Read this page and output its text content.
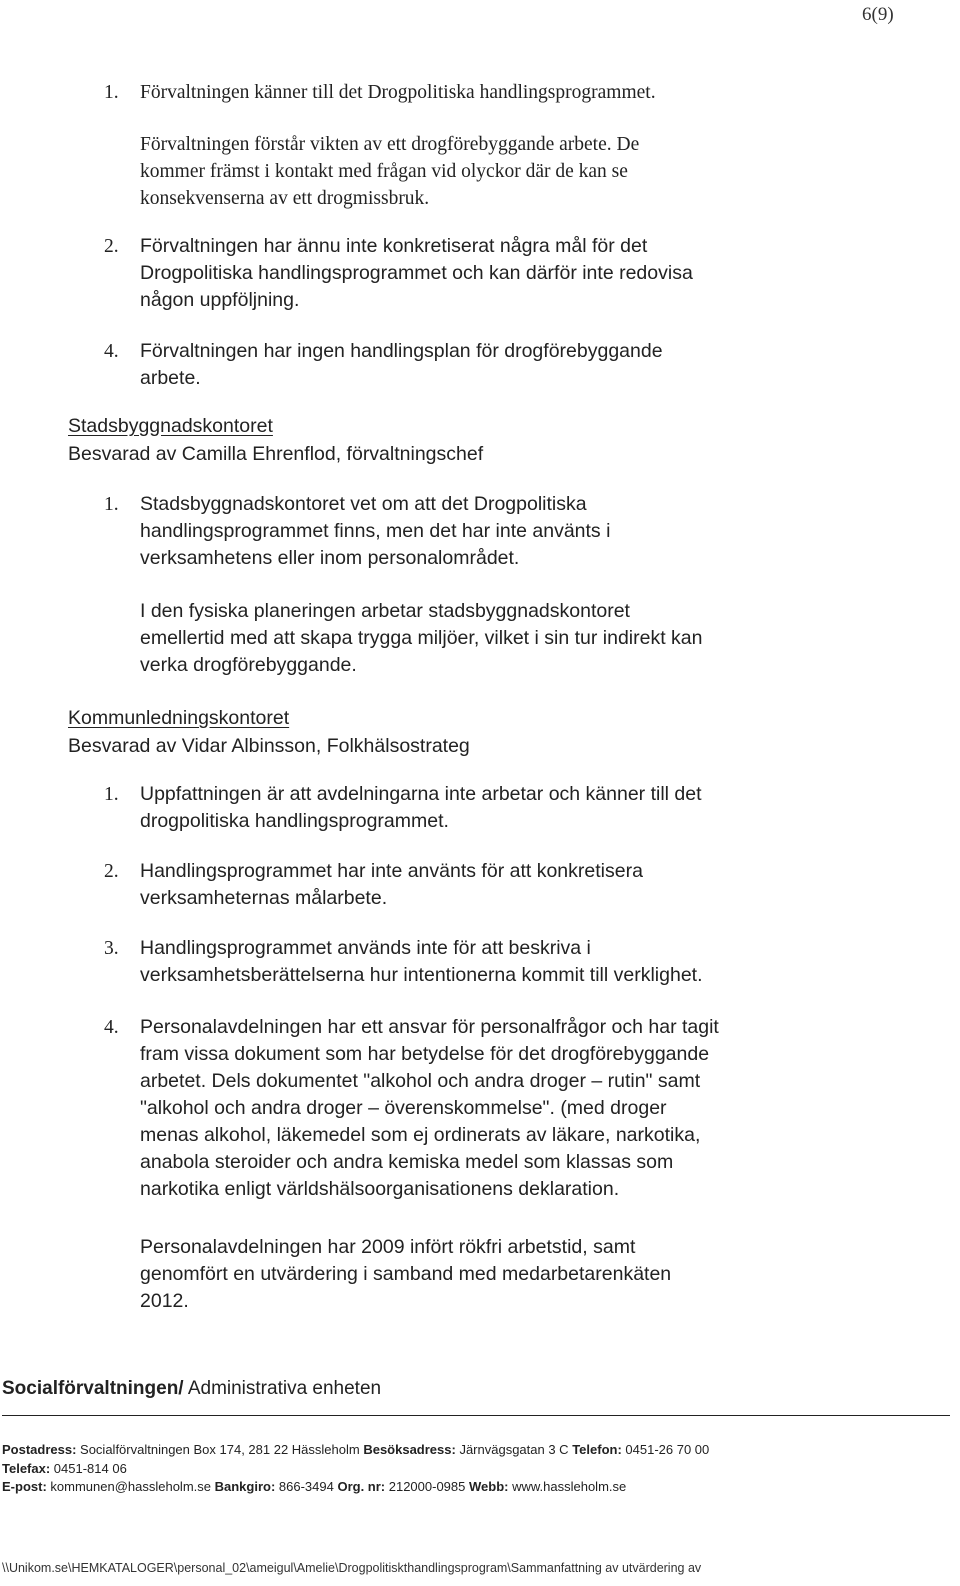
6(9)
1. Förvaltningen känner till det Drogpolitiska handlingsprogrammet.

Förvaltningen förstår vikten av ett drogförebyggande arbete. De
kommer främst i kontakt med frågan vid olyckor där de kan se
konsekvenserna av ett drogmissbruk.

2. Förvaltningen har ännu inte konkretiserat några mål för det
Drogpolitiska handlingsprogrammet och kan därför inte redovisa
någon uppföljning.

4. Förvaltningen har ingen handlingsplan för drogförebyggande
arbete.

Stadsbyggnadskontoret

Besvarad av Camilla Ehrenflod, förvaltningschef

1. Stadsbyggnadskontoret vet om att det Drogpolitiska
handlingsprogrammet finns, men det har inte använts i
verksamhetens eller inom personalområdet.

I den fysiska planeringen arbetar stadsbyggnadskontoret
emellertid med att skapa trygga miljöer, vilket i sin tur indirekt kan
verka drogförebyggande.

Kommunledningskontoret

Besvarad av Vidar Albinsson, Folkhälsostrateg

1. Uppfattningen är att avdelningarna inte arbetar och känner till det
drogpolitiska handlingsprogrammet.

2. Handlingsprogrammet har inte använts för att konkretisera
verksamheternas målarbete.

3. Handlingsprogrammet används inte för att beskriva i
verksamhetsberättelserna hur intentionerna kommit till verklighet.

4. Personalavdelningen har ett ansvar för personalfrågor och har tagit
fram vissa dokument som har betydelse för det drogförebyggande
arbetet. Dels dokumentet "alkohol och andra droger – rutin" samt
"alkohol och andra droger – överenskommelse". (med droger
menas alkohol, läkemedel som ej ordinerats av läkare, narkotika,
anabola steroider och andra kemiska medel som klassas som
narkotika enligt världshälsoorganisationens deklaration.

Personalavdelningen har 2009 infört rökfri arbetstid, samt
genomfört en utvärdering i samband med medarbetarenkäten
2012.

Socialförvaltningen/ Administrativa enheten
Postadress: Socialförvaltningen Box 174, 281 22 Hässleholm Besöksadress: Järnvägsgatan 3 C Telefon: 0451-26 70 00
Telefax: 0451-814 06
E-post: kommunen@hassleholm.se Bankgiro: 866-3494 Org. nr: 212000-0985 Webb: www.hassleholm.se
\\Unikom.se\HEMKATALOGER\personal_02\ameigul\Amelie\Drogpolitiskthandlingsprogram\Sammanfattning av utvärdering av
